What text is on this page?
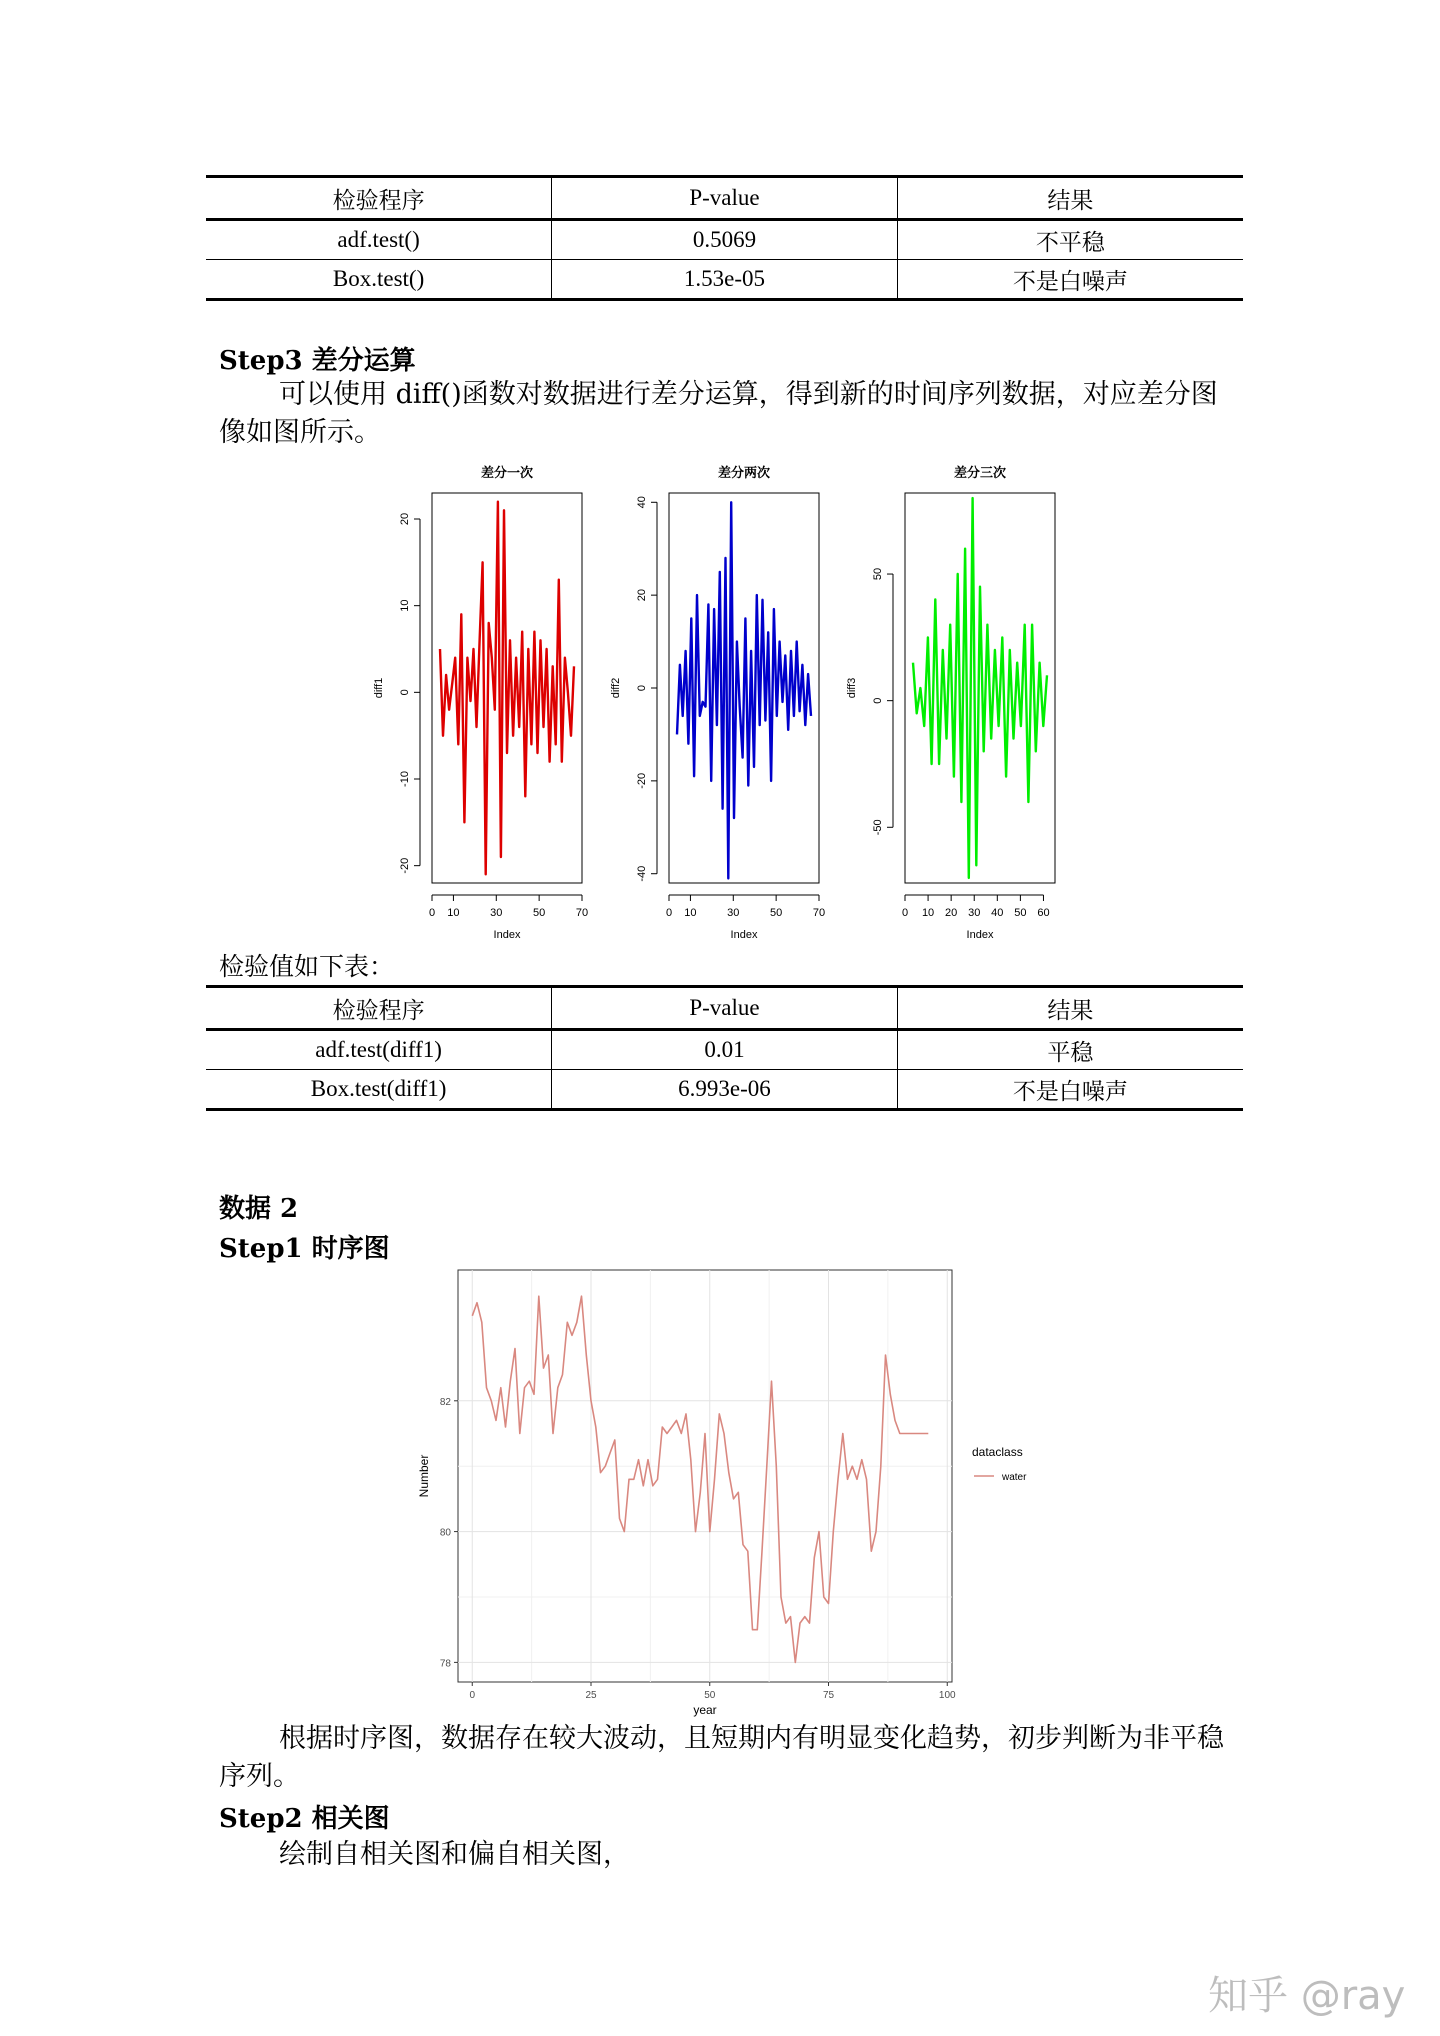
检验程序	P-value	结果
adf.test()	0.5069	不平稳
Box.test()	1.53e-05	不是白噪声
Step3 差分运算
可以使用 diff()函数对数据进行差分运算，得到新的时间序列数据，对应差分图像如图所示。
差分一次
0 10	30	50	70
Index
-20
-10
0
10
20
diff1
差分两次
0 10	30	50	70
Index
-40
-20
0
20
40
diff2
差分三次
0 10 20 30 40 50 60
Index
-50
0
50
diff3
检验值如下表：
检验程序	P-value	结果
adf.test(diff1)	0.01	平稳
Box.test(diff1)	6.993e-06	不是白噪声
数据 2
Step1 时序图
0	25	50	75	100
78
80
82
year
Number
dataclass
water
根据时序图，数据存在较大波动，且短期内有明显变化趋势，初步判断为非平稳序列。
Step2 相关图
绘制自相关图和偏自相关图，
知乎 @ray
